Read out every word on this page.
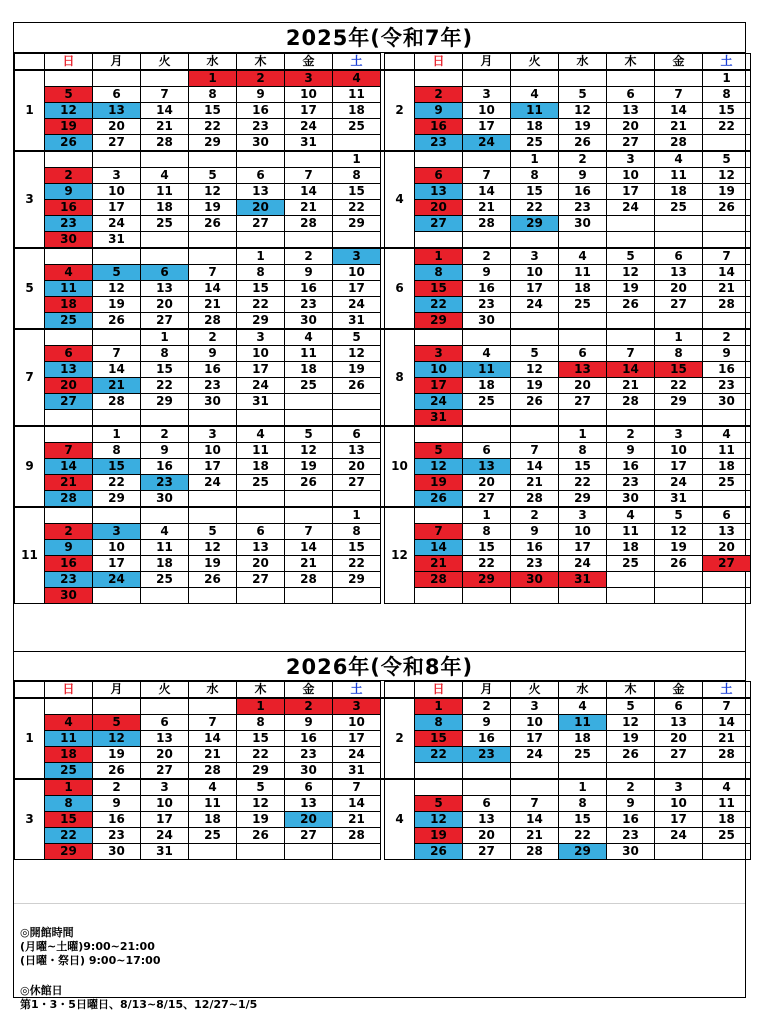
2025年(令和7年)
	日	月	火	水	木	金	土			日	月	火	水	木	金	土
1				1	2	3	4		2							1
	5	6	7	8	9	10	11			2	3	4	5	6	7	8
	12	13	14	15	16	17	18			9	10	11	12	13	14	15
	19	20	21	22	23	24	25			16	17	18	19	20	21	22
	26	27	28	29	30	31				23	24	25	26	27	28	
3							1		4			1	2	3	4	5
	2	3	4	5	6	7	8			6	7	8	9	10	11	12
	9	10	11	12	13	14	15			13	14	15	16	17	18	19
	16	17	18	19	20	21	22			20	21	22	23	24	25	26
	23	24	25	26	27	28	29			27	28	29	30			
	30	31														
5					1	2	3		6	1	2	3	4	5	6	7
	4	5	6	7	8	9	10			8	9	10	11	12	13	14
	11	12	13	14	15	16	17			15	16	17	18	19	20	21
	18	19	20	21	22	23	24			22	23	24	25	26	27	28
	25	26	27	28	29	30	31			29	30					
7			1	2	3	4	5		8						1	2
	6	7	8	9	10	11	12			3	4	5	6	7	8	9
	13	14	15	16	17	18	19			10	11	12	13	14	15	16
	20	21	22	23	24	25	26			17	18	19	20	21	22	23
	27	28	29	30	31					24	25	26	27	28	29	30
										31						
9		1	2	3	4	5	6		10				1	2	3	4
	7	8	9	10	11	12	13			5	6	7	8	9	10	11
	14	15	16	17	18	19	20			12	13	14	15	16	17	18
	21	22	23	24	25	26	27			19	20	21	22	23	24	25
	28	29	30							26	27	28	29	30	31	
11							1		12		1	2	3	4	5	6
	2	3	4	5	6	7	8			7	8	9	10	11	12	13
	9	10	11	12	13	14	15			14	15	16	17	18	19	20
	16	17	18	19	20	21	22			21	22	23	24	25	26	27
	23	24	25	26	27	28	29			28	29	30	31			
	30															
2026年(令和8年)
	日	月	火	水	木	金	土			日	月	火	水	木	金	土
1					1	2	3		2	1	2	3	4	5	6	7
	4	5	6	7	8	9	10			8	9	10	11	12	13	14
	11	12	13	14	15	16	17			15	16	17	18	19	20	21
	18	19	20	21	22	23	24			22	23	24	25	26	27	28
	25	26	27	28	29	30	31									
3	1	2	3	4	5	6	7		4				1	2	3	4
	8	9	10	11	12	13	14			5	6	7	8	9	10	11
	15	16	17	18	19	20	21			12	13	14	15	16	17	18
	22	23	24	25	26	27	28			19	20	21	22	23	24	25
	29	30	31							26	27	28	29	30		
◎開館時間
(月曜~土曜)9:00~21:00
(日曜・祭日) 9:00~17:00
◎休館日
第1・3・5日曜日、8/13~8/15、12/27~1/5
